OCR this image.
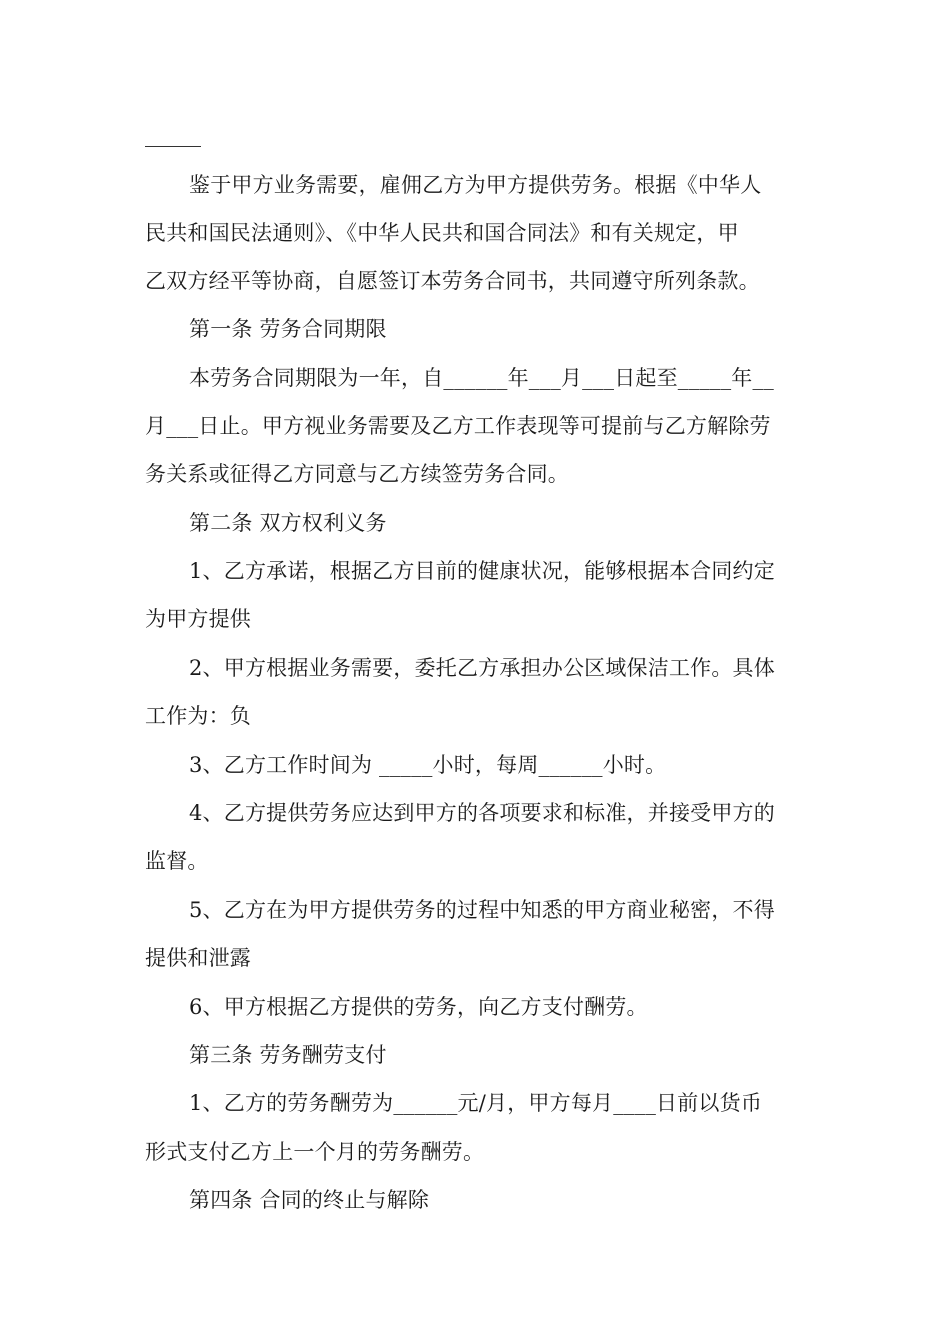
鉴于甲方业务需要，雇佣乙方为甲方提供劳务。根据《中华人
民共和国民法通则》、《中华人民共和国合同法》和有关规定，甲
乙双方经平等协商，自愿签订本劳务合同书，共同遵守所列条款。
第一条 劳务合同期限
本劳务合同期限为一年，自______年___月___日起至_____年__
月___日止。甲方视业务需要及乙方工作表现等可提前与乙方解除劳
务关系或征得乙方同意与乙方续签劳务合同。
第二条 双方权利义务
1、乙方承诺，根据乙方目前的健康状况，能够根据本合同约定
为甲方提供
2、甲方根据业务需要，委托乙方承担办公区域保洁工作。具体
工作为：负
3、乙方工作时间为 _____小时，每周______小时。
4、乙方提供劳务应达到甲方的各项要求和标准，并接受甲方的
监督。
5、乙方在为甲方提供劳务的过程中知悉的甲方商业秘密，不得
提供和泄露
6、甲方根据乙方提供的劳务，向乙方支付酬劳。
第三条 劳务酬劳支付
1、乙方的劳务酬劳为______元/月，甲方每月____日前以货币
形式支付乙方上一个月的劳务酬劳。
第四条 合同的终止与解除
